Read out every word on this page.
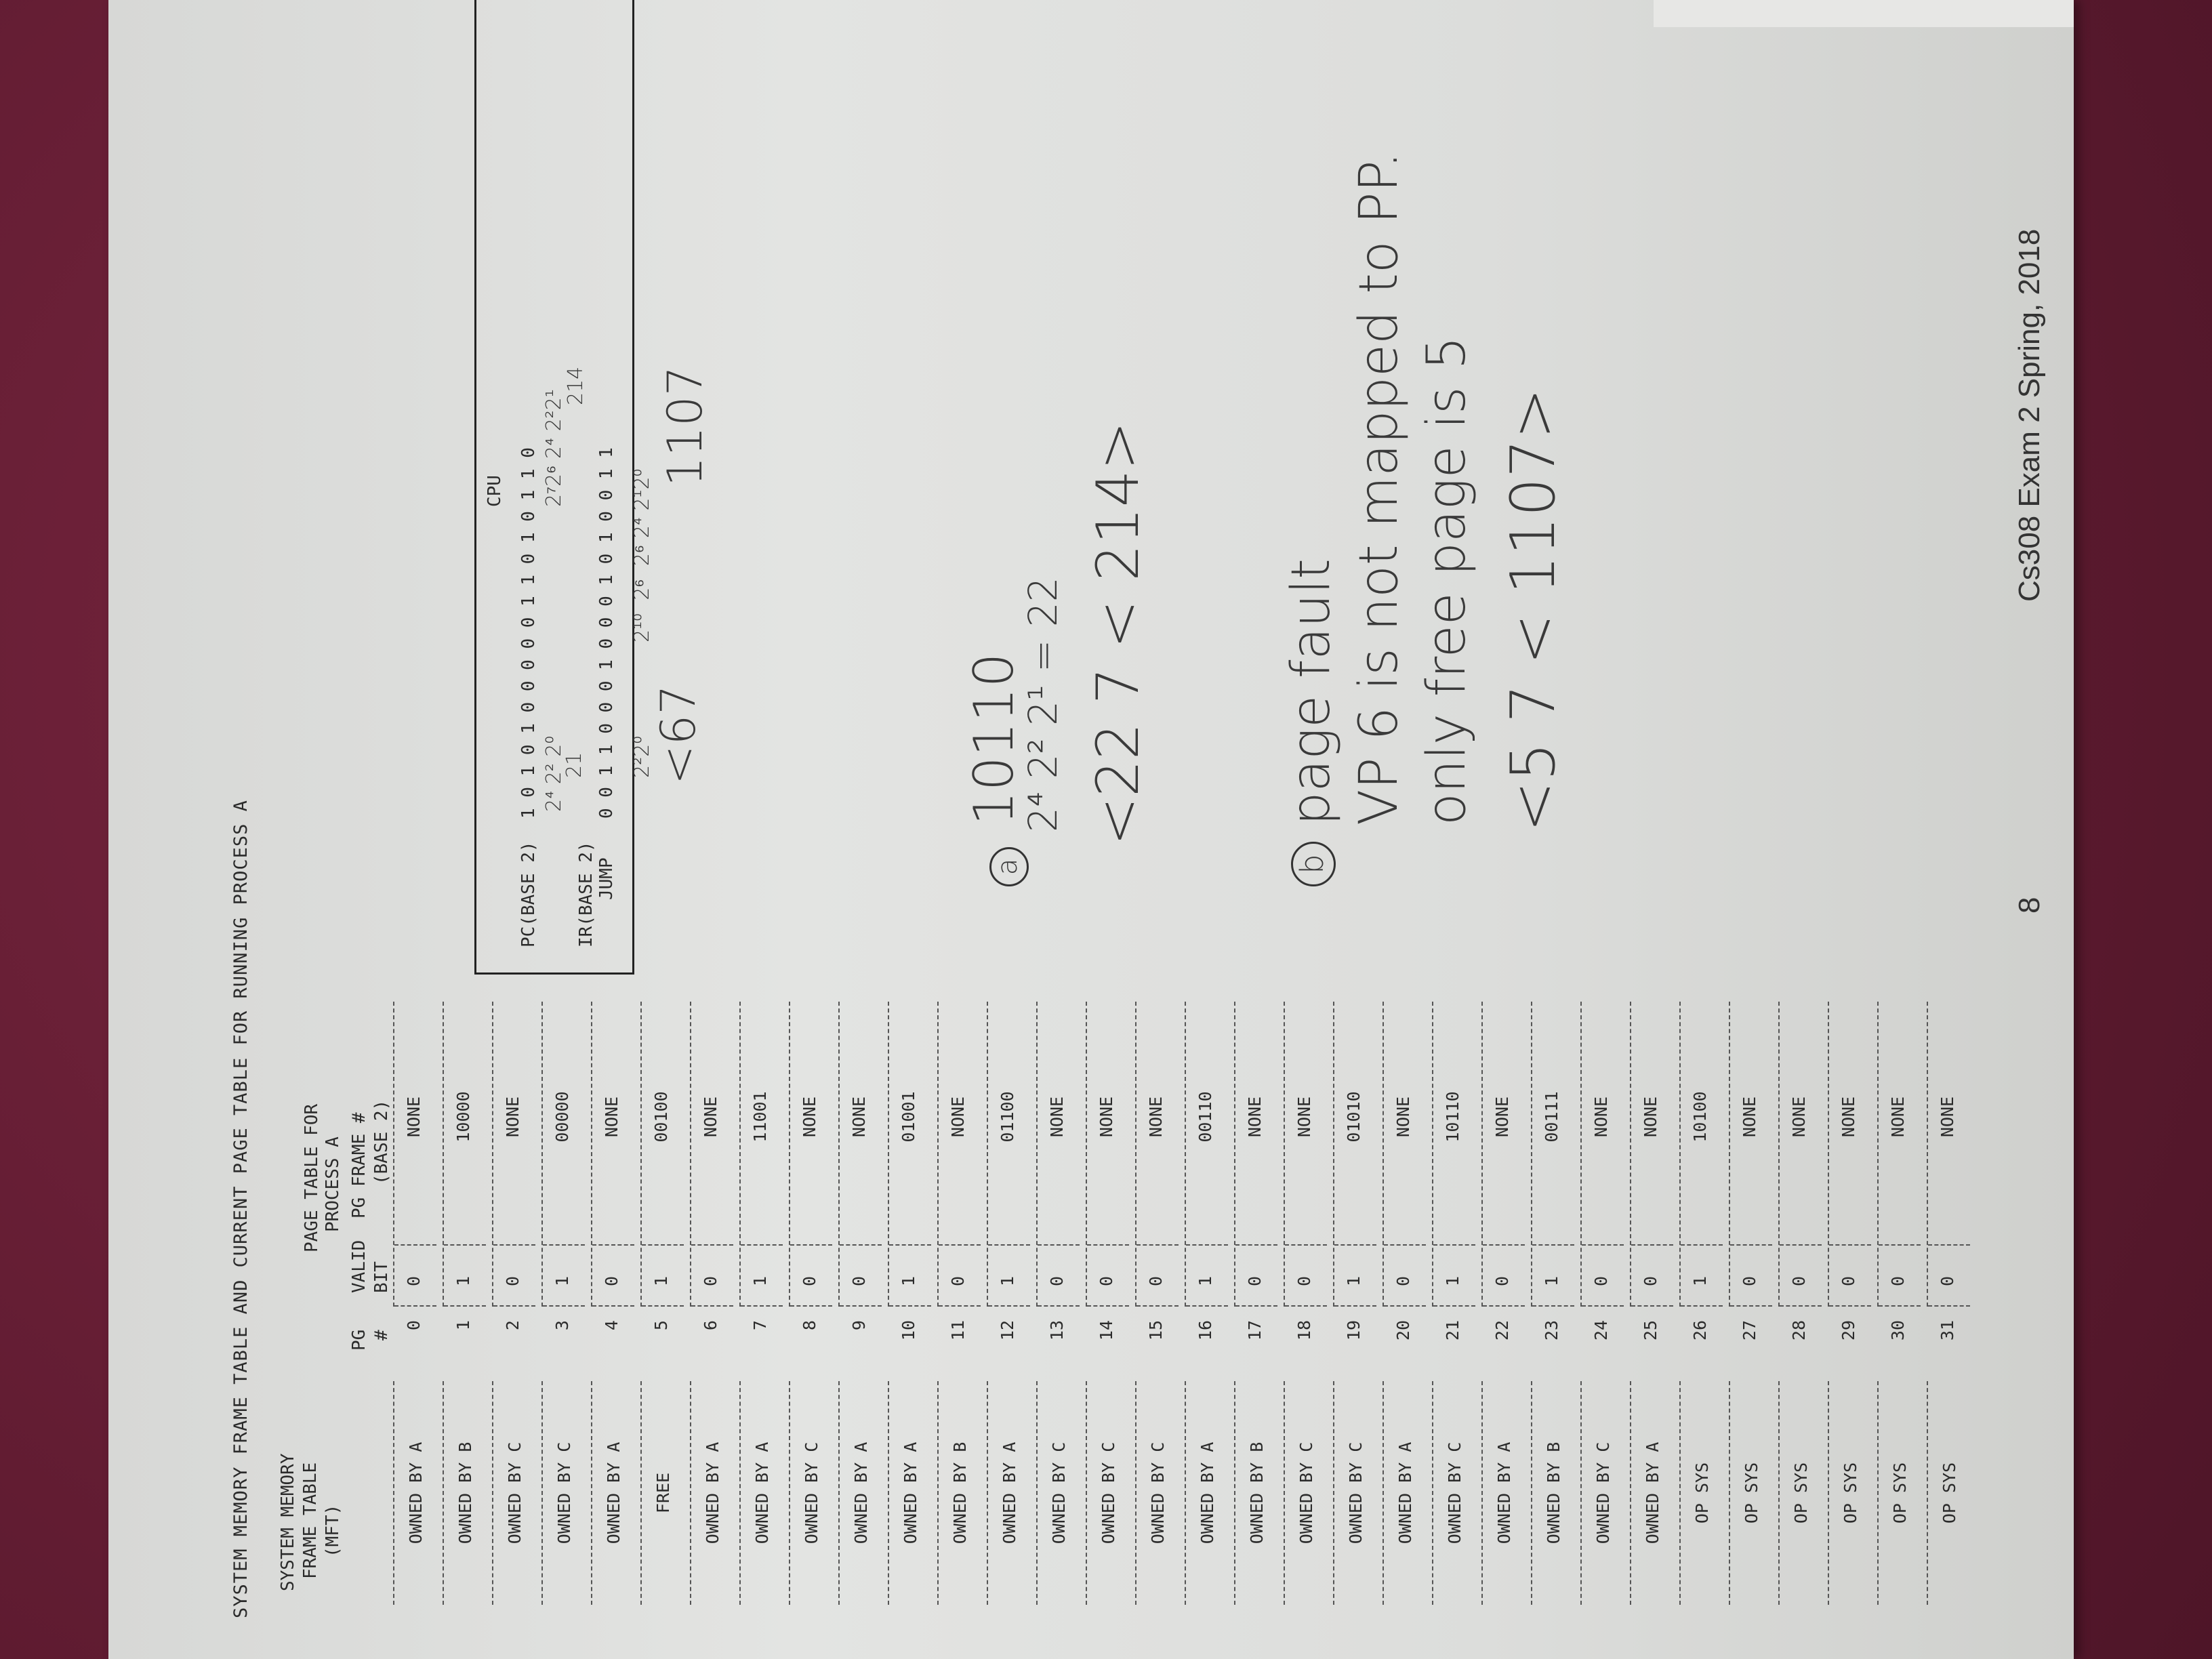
SYSTEM MEMORY FRAME TABLE AND CURRENT PAGE TABLE FOR RUNNING PROCESS A SYSTEM MEMORY FRAME TABLE (MFT)
PAGE TABLE FOR PROCESS A
PG #
VALID BIT
PG FRAME # (BASE 2)
OWNED BY A
0
0
NONE
OWNED BY B
1
1
10000
OWNED BY C
2
0
NONE
OWNED BY C
3
1
00000
OWNED BY A
4
0
NONE
FREE
5
1
00100
OWNED BY A
6
0
NONE
OWNED BY A
7
1
11001
OWNED BY C
8
0
NONE
OWNED BY A
9
0
NONE
OWNED BY A
10
1
01001
OWNED BY B
11
0
NONE
OWNED BY A
12
1
01100
OWNED BY C
13
0
NONE
OWNED BY C
14
0
NONE
OWNED BY C
15
0
NONE
OWNED BY A
16
1
00110
OWNED BY B
17
0
NONE
OWNED BY C
18
0
NONE
OWNED BY C
19
1
01010
OWNED BY A
20
0
NONE
OWNED BY C
21
1
10110
OWNED BY A
22
0
NONE
OWNED BY B
23
1
00111
OWNED BY C
24
0
NONE
OWNED BY A
25
0
NONE
OP SYS
26
1
10100
OP SYS
27
0
NONE
OP SYS
28
0
NONE
OP SYS
29
0
NONE
OP SYS
30
0
NONE
OP SYS
31
0
NONE
CPU
PC(BASE 2)
1 0 1 0 1 0 0 0 0 0 1 1 0 1 0 1 1 0
IR(BASE 2) JUMP
0 0 1 1 0 0 0 1 0 0 0 1 0 1 0 0 1 1
2⁴ 2² 2⁰
21
2⁷2⁶ 2⁴ 2²2¹
214
2²2⁰
2¹⁰  2⁶  2⁶ 2⁴ 2¹2⁰
<67
1107
a
10110
2⁴ 2² 2¹ = 22 <22 7 < 214>
b
page fault VP 6 is not mapped to PP. only free page is 5 <5 7 < 1107>
8
Cs308 Exam 2 Spring, 2018
